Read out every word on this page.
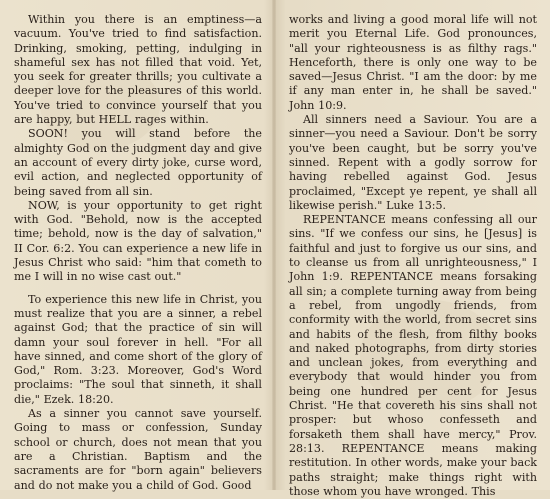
Within you there is an emptiness—a vacuum. You've tried to find satisfaction. Drinking, smoking, petting, indulging in shameful sex has not filled that void. Yet, you seek for greater thrills; you cultivate a deeper love for the pleasures of this world. You've tried to convince yourself that you are happy, but HELL rages within.

SOON! you will stand before the almighty God on the judgment day and give an account of every dirty joke, curse word, evil action, and neglected opportunity of being saved from all sin.

NOW, is your opportunity to get right with God. "Behold, now is the accepted time; behold, now is the day of salvation," II Cor. 6:2. You can experience a new life in Jesus Christ who said: "him that cometh to me I will in no wise cast out."

To experience this new life in Christ, you must realize that you are a sinner, a rebel against God; that the practice of sin will damn your soul forever in hell. "For all have sinned, and come short of the glory of God," Rom. 3:23. Moreover, God's Word proclaims: "The soul that sinneth, it shall die," Ezek. 18:20.

As a sinner you cannot save yourself. Going to mass or confession, Sunday school or church, does not mean that you are a Christian. Baptism and the sacraments are for "born again" believers and do not make you a child of God. Good

works and living a good moral life will not merit you Eternal Life. God pronounces, "all your righteousness is as filthy rags." Henceforth, there is only one way to be saved—Jesus Christ. "I am the door: by me if any man enter in, he shall be saved." John 10:9.

All sinners need a Saviour. You are a sinner—you need a Saviour. Don't be sorry you've been caught, but be sorry you've sinned. Repent with a godly sorrow for having rebelled against God. Jesus proclaimed, "Except ye repent, ye shall all likewise perish." Luke 13:5.

REPENTANCE means confessing all our sins. "If we confess our sins, he [Jesus] is faithful and just to forgive us our sins, and to cleanse us from all unrighteousness," I John 1:9. REPENTANCE means forsaking all sin; a complete turning away from being a rebel, from ungodly friends, from conformity with the world, from secret sins and habits of the flesh, from filthy books and naked photographs, from dirty stories and unclean jokes, from everything and everybody that would hinder you from being one hundred per cent for Jesus Christ. "He that covereth his sins shall not prosper: but whoso confesseth and forsaketh them shall have mercy," Prov. 28:13. REPENTANCE means making restitution. In other words, make your back paths straight; make things right with those whom you have wronged. This
